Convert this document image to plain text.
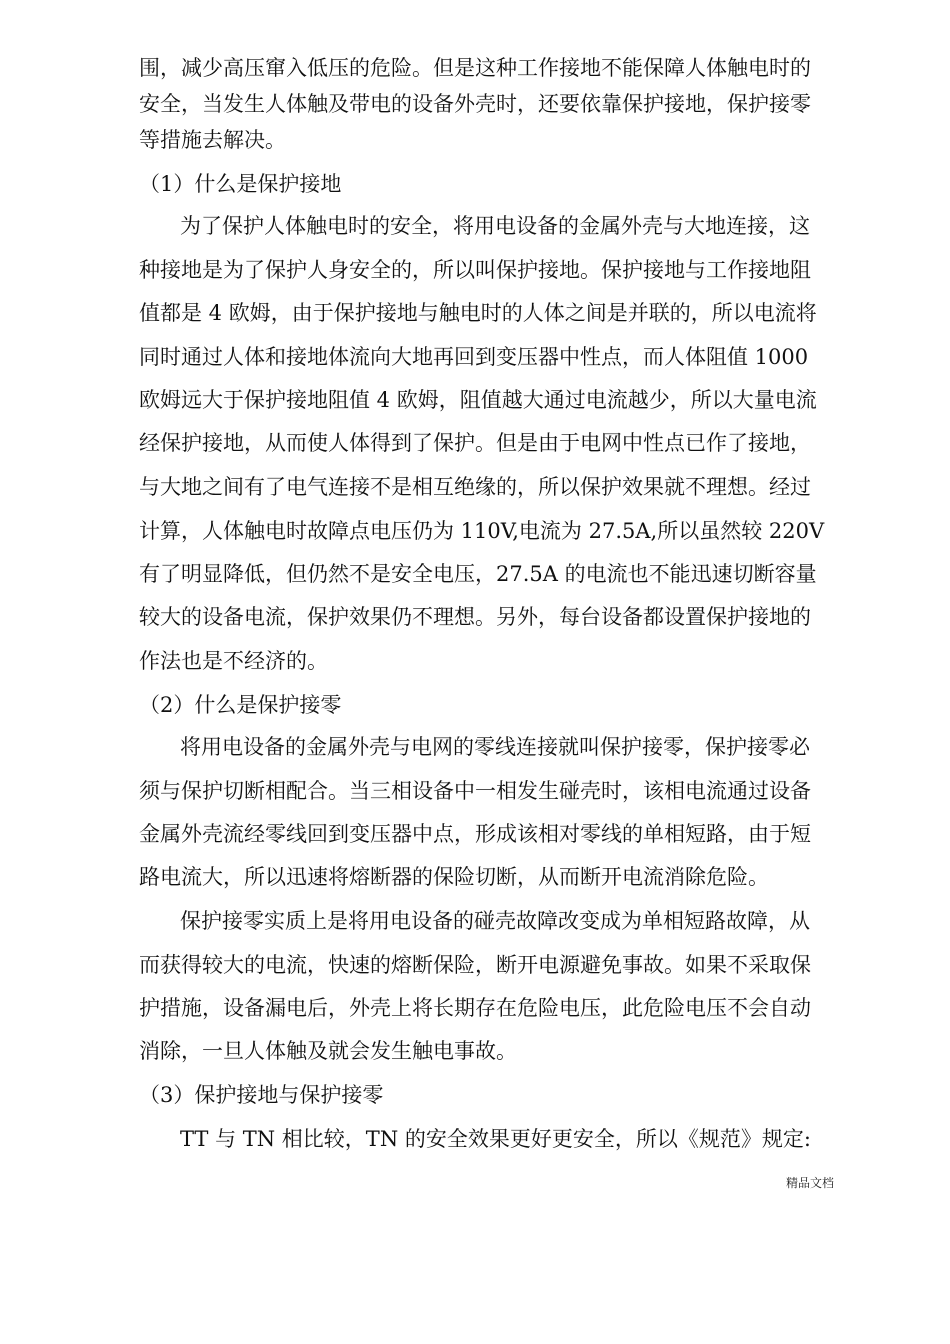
围，减少高压窜入低压的危险。但是这种工作接地不能保障人体触电时的
安全，当发生人体触及带电的设备外壳时，还要依靠保护接地，保护接零
等措施去解决。
（1）什么是保护接地
为了保护人体触电时的安全，将用电设备的金属外壳与大地连接，这
种接地是为了保护人身安全的，所以叫保护接地。保护接地与工作接地阻
值都是 4 欧姆，由于保护接地与触电时的人体之间是并联的，所以电流将
同时通过人体和接地体流向大地再回到变压器中性点，而人体阻值 1000
欧姆远大于保护接地阻值 4 欧姆，阻值越大通过电流越少，所以大量电流
经保护接地，从而使人体得到了保护。但是由于电网中性点已作了接地，
与大地之间有了电气连接不是相互绝缘的，所以保护效果就不理想。经过
计算，人体触电时故障点电压仍为 110V,电流为 27.5A,所以虽然较 220V
有了明显降低，但仍然不是安全电压，27.5A 的电流也不能迅速切断容量
较大的设备电流，保护效果仍不理想。另外，每台设备都设置保护接地的
作法也是不经济的。
（2）什么是保护接零
将用电设备的金属外壳与电网的零线连接就叫保护接零，保护接零必
须与保护切断相配合。当三相设备中一相发生碰壳时，该相电流通过设备
金属外壳流经零线回到变压器中点，形成该相对零线的单相短路，由于短
路电流大，所以迅速将熔断器的保险切断，从而断开电流消除危险。
保护接零实质上是将用电设备的碰壳故障改变成为单相短路故障，从
而获得较大的电流，快速的熔断保险，断开电源避免事故。如果不采取保
护措施，设备漏电后，外壳上将长期存在危险电压，此危险电压不会自动
消除，一旦人体触及就会发生触电事故。
（3）保护接地与保护接零
TT 与 TN 相比较，TN 的安全效果更好更安全，所以《规范》规定:
精品文档
